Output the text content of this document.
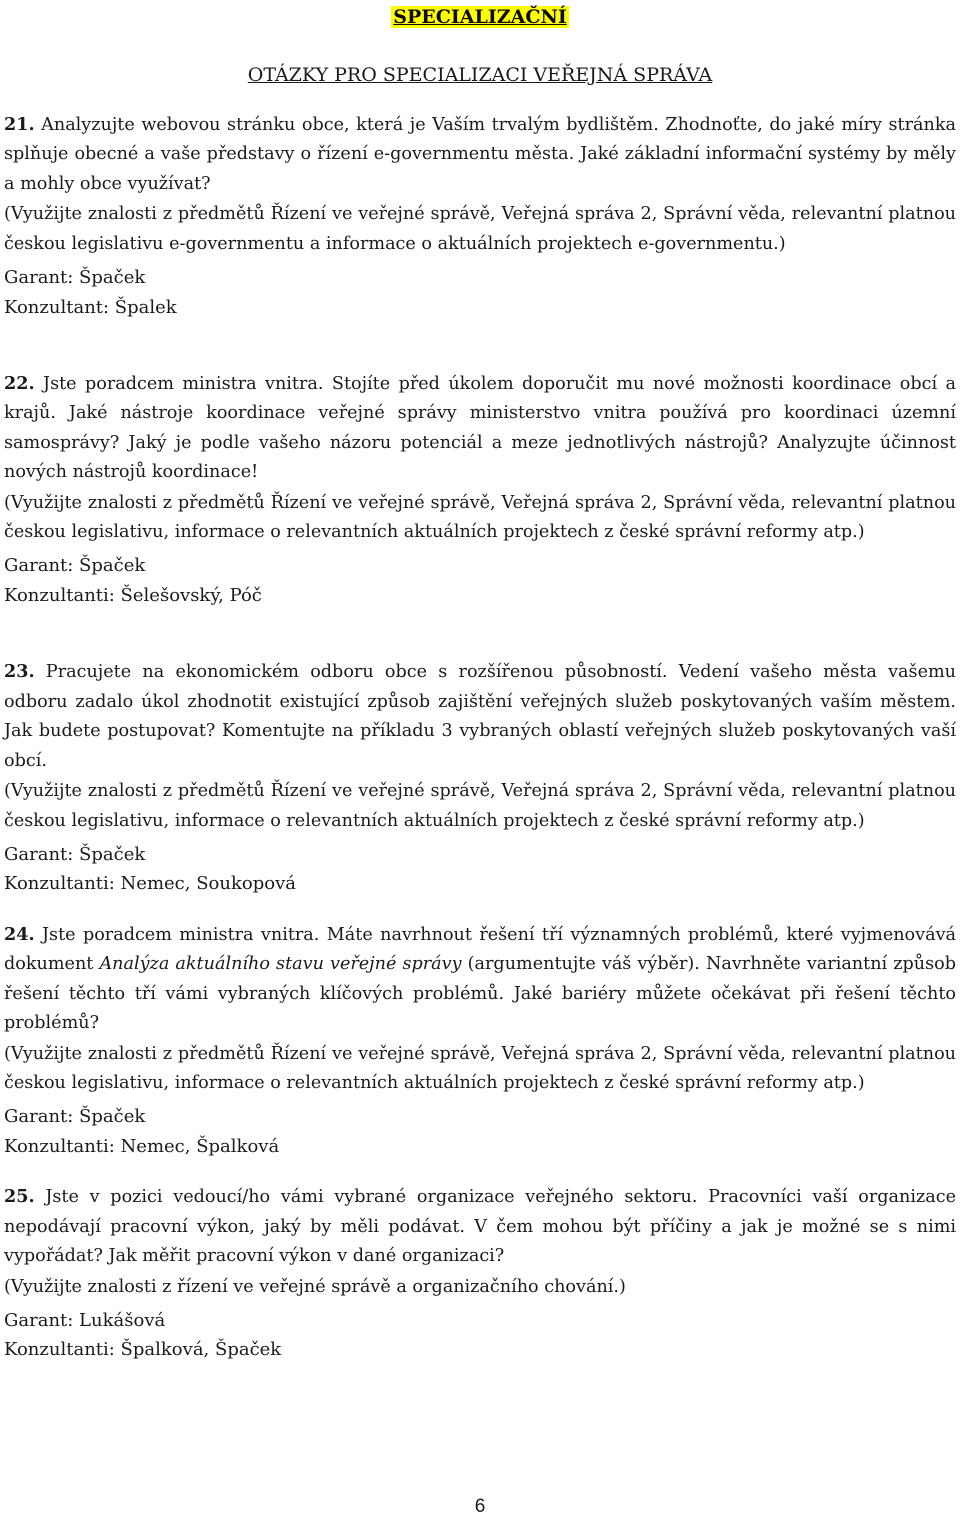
SPECIALIZAČNÍ
OTÁZKY PRO SPECIALIZACI VEŘEJNÁ SPRÁVA

21. Analyzujte webovou stránku obce, která je Vaším trvalým bydlištěm. Zhodnoťte, do jaké míry stránka splňuje obecné a vaše představy o řízení e-governmentu města. Jaké základní informační systémy by měly a mohly obce využívat?

(Využijte znalosti z předmětů Řízení ve veřejné správě, Veřejná správa 2, Správní věda, relevantní platnou českou legislativu e-governmentu a informace o aktuálních projektech e-governmentu.)

Garant: Špaček
Konzultant: Špalek

22. Jste poradcem ministra vnitra. Stojíte před úkolem doporučit mu nové možnosti koordinace obcí a krajů. Jaké nástroje koordinace veřejné správy ministerstvo vnitra používá pro koordinaci územní samosprávy? Jaký je podle vašeho názoru potenciál a meze jednotlivých nástrojů? Analyzujte účinnost nových nástrojů koordinace!

(Využijte znalosti z předmětů Řízení ve veřejné správě, Veřejná správa 2, Správní věda, relevantní platnou českou legislativu, informace o relevantních aktuálních projektech z české správní reformy atp.)

Garant: Špaček
Konzultanti: Šelešovský, Póč

23. Pracujete na ekonomickém odboru obce s rozšířenou působností. Vedení vašeho města vašemu odboru zadalo úkol zhodnotit existující způsob zajištění veřejných služeb poskytovaných vaším městem. Jak budete postupovat? Komentujte na příkladu 3 vybraných oblastí veřejných služeb poskytovaných vaší obcí.

(Využijte znalosti z předmětů Řízení ve veřejné správě, Veřejná správa 2, Správní věda, relevantní platnou českou legislativu, informace o relevantních aktuálních projektech z české správní reformy atp.)

Garant: Špaček
Konzultanti: Nemec, Soukopová

24. Jste poradcem ministra vnitra. Máte navrhnout řešení tří významných problémů, které vyjmenovává dokument Analýza aktuálního stavu veřejné správy (argumentujte váš výběr). Navrhněte variantní způsob řešení těchto tří vámi vybraných klíčových problémů. Jaké bariéry můžete očekávat při řešení těchto problémů?

(Využijte znalosti z předmětů Řízení ve veřejné správě, Veřejná správa 2, Správní věda, relevantní platnou českou legislativu, informace o relevantních aktuálních projektech z české správní reformy atp.)

Garant: Špaček
Konzultanti: Nemec, Špalková

25. Jste v pozici vedoucí/ho vámi vybrané organizace veřejného sektoru. Pracovníci vaší organizace nepodávají pracovní výkon, jaký by měli podávat. V čem mohou být příčiny a jak je možné se s nimi vypořádat? Jak měřit pracovní výkon v dané organizaci?

(Využijte znalosti z řízení ve veřejné správě a organizačního chování.)

Garant: Lukášová
Konzultanti: Špalková, Špaček
6
